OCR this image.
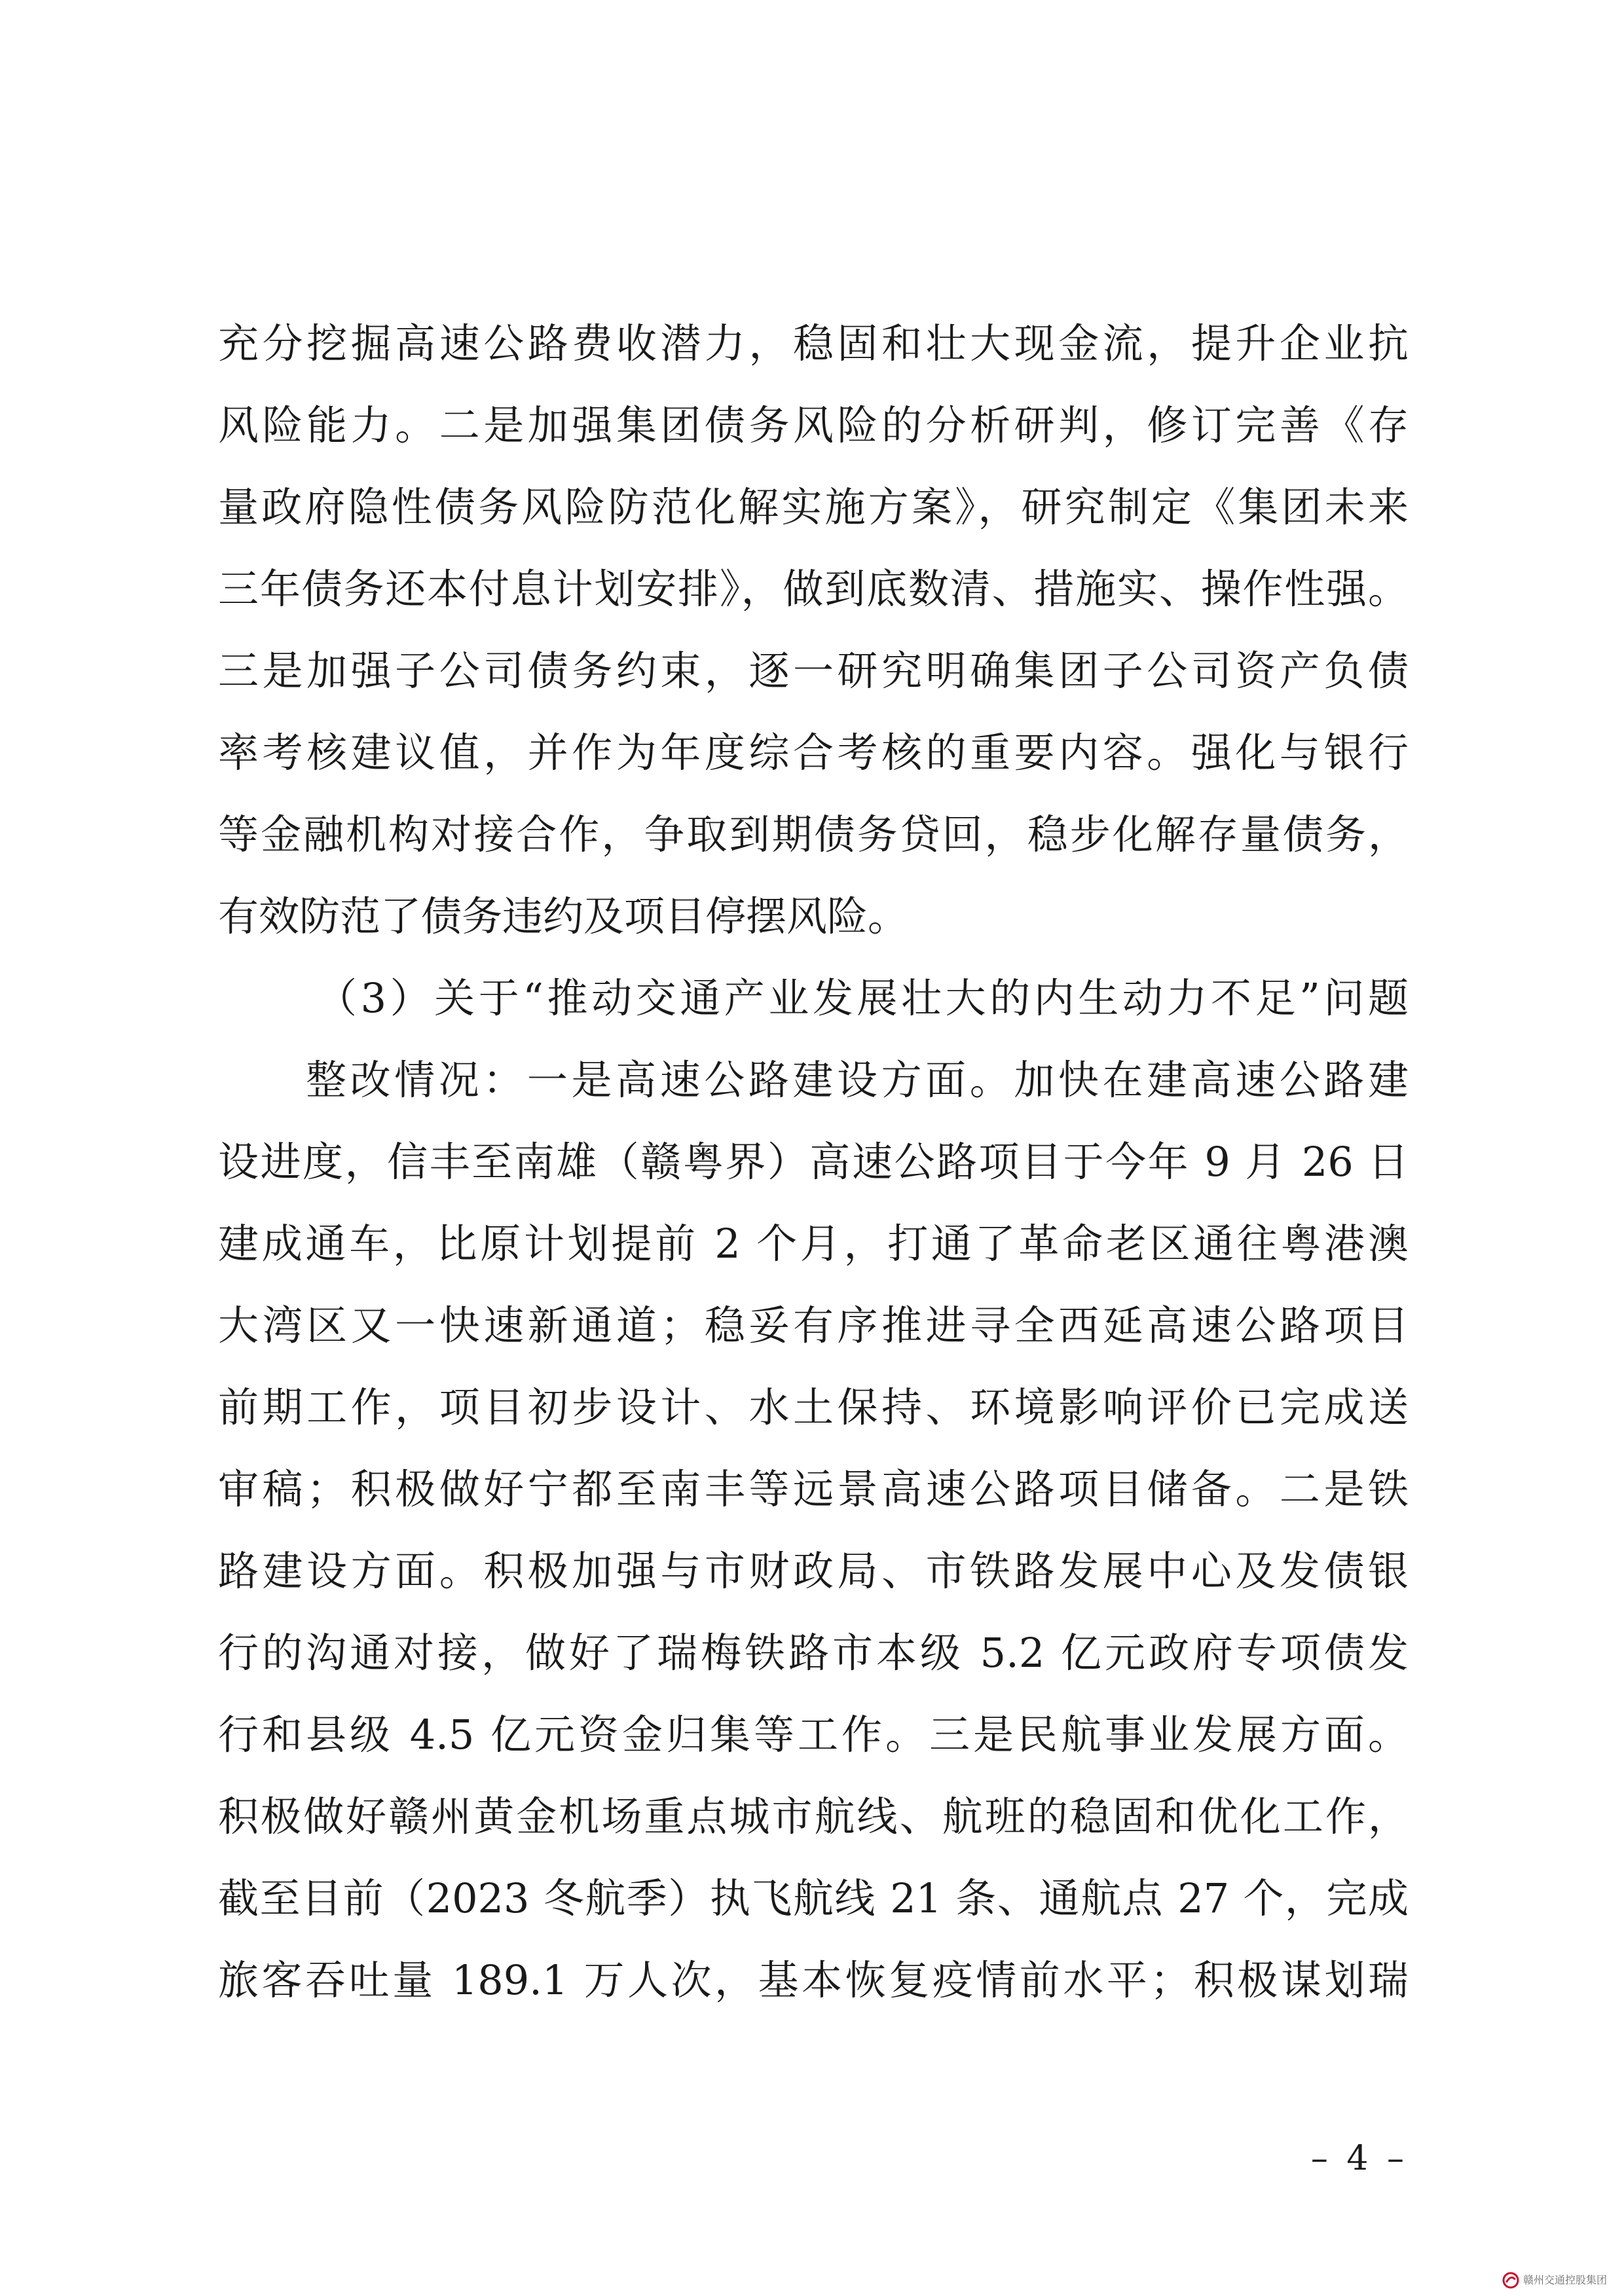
充分挖掘高速公路费收潜力，稳固和壮大现金流，提升企业抗
风险能力。二是加强集团债务风险的分析研判，修订完善《存
量政府隐性债务风险防范化解实施方案》，研究制定《集团未来
三年债务还本付息计划安排》，做到底数清、措施实、操作性强。
三是加强子公司债务约束，逐一研究明确集团子公司资产负债
率考核建议值，并作为年度综合考核的重要内容。强化与银行
等金融机构对接合作，争取到期债务贷回，稳步化解存量债务，
有效防范了债务违约及项目停摆风险。
（3）关于“推动交通产业发展壮大的内生动力不足”问题
整改情况：一是高速公路建设方面。加快在建高速公路建
设进度，信丰至南雄（赣粤界）高速公路项目于今年 9 月 26 日
建成通车，比原计划提前 2 个月，打通了革命老区通往粤港澳
大湾区又一快速新通道；稳妥有序推进寻全西延高速公路项目
前期工作，项目初步设计、水土保持、环境影响评价已完成送
审稿；积极做好宁都至南丰等远景高速公路项目储备。二是铁
路建设方面。积极加强与市财政局、市铁路发展中心及发债银
行的沟通对接，做好了瑞梅铁路市本级 5.2 亿元政府专项债发
行和县级 4.5 亿元资金归集等工作。三是民航事业发展方面。
积极做好赣州黄金机场重点城市航线、航班的稳固和优化工作，
截至目前（2023 冬航季）执飞航线 21 条、通航点 27 个，完成
旅客吞吐量 189.1 万人次，基本恢复疫情前水平；积极谋划瑞
– 4 –
赣州交通控股集团
